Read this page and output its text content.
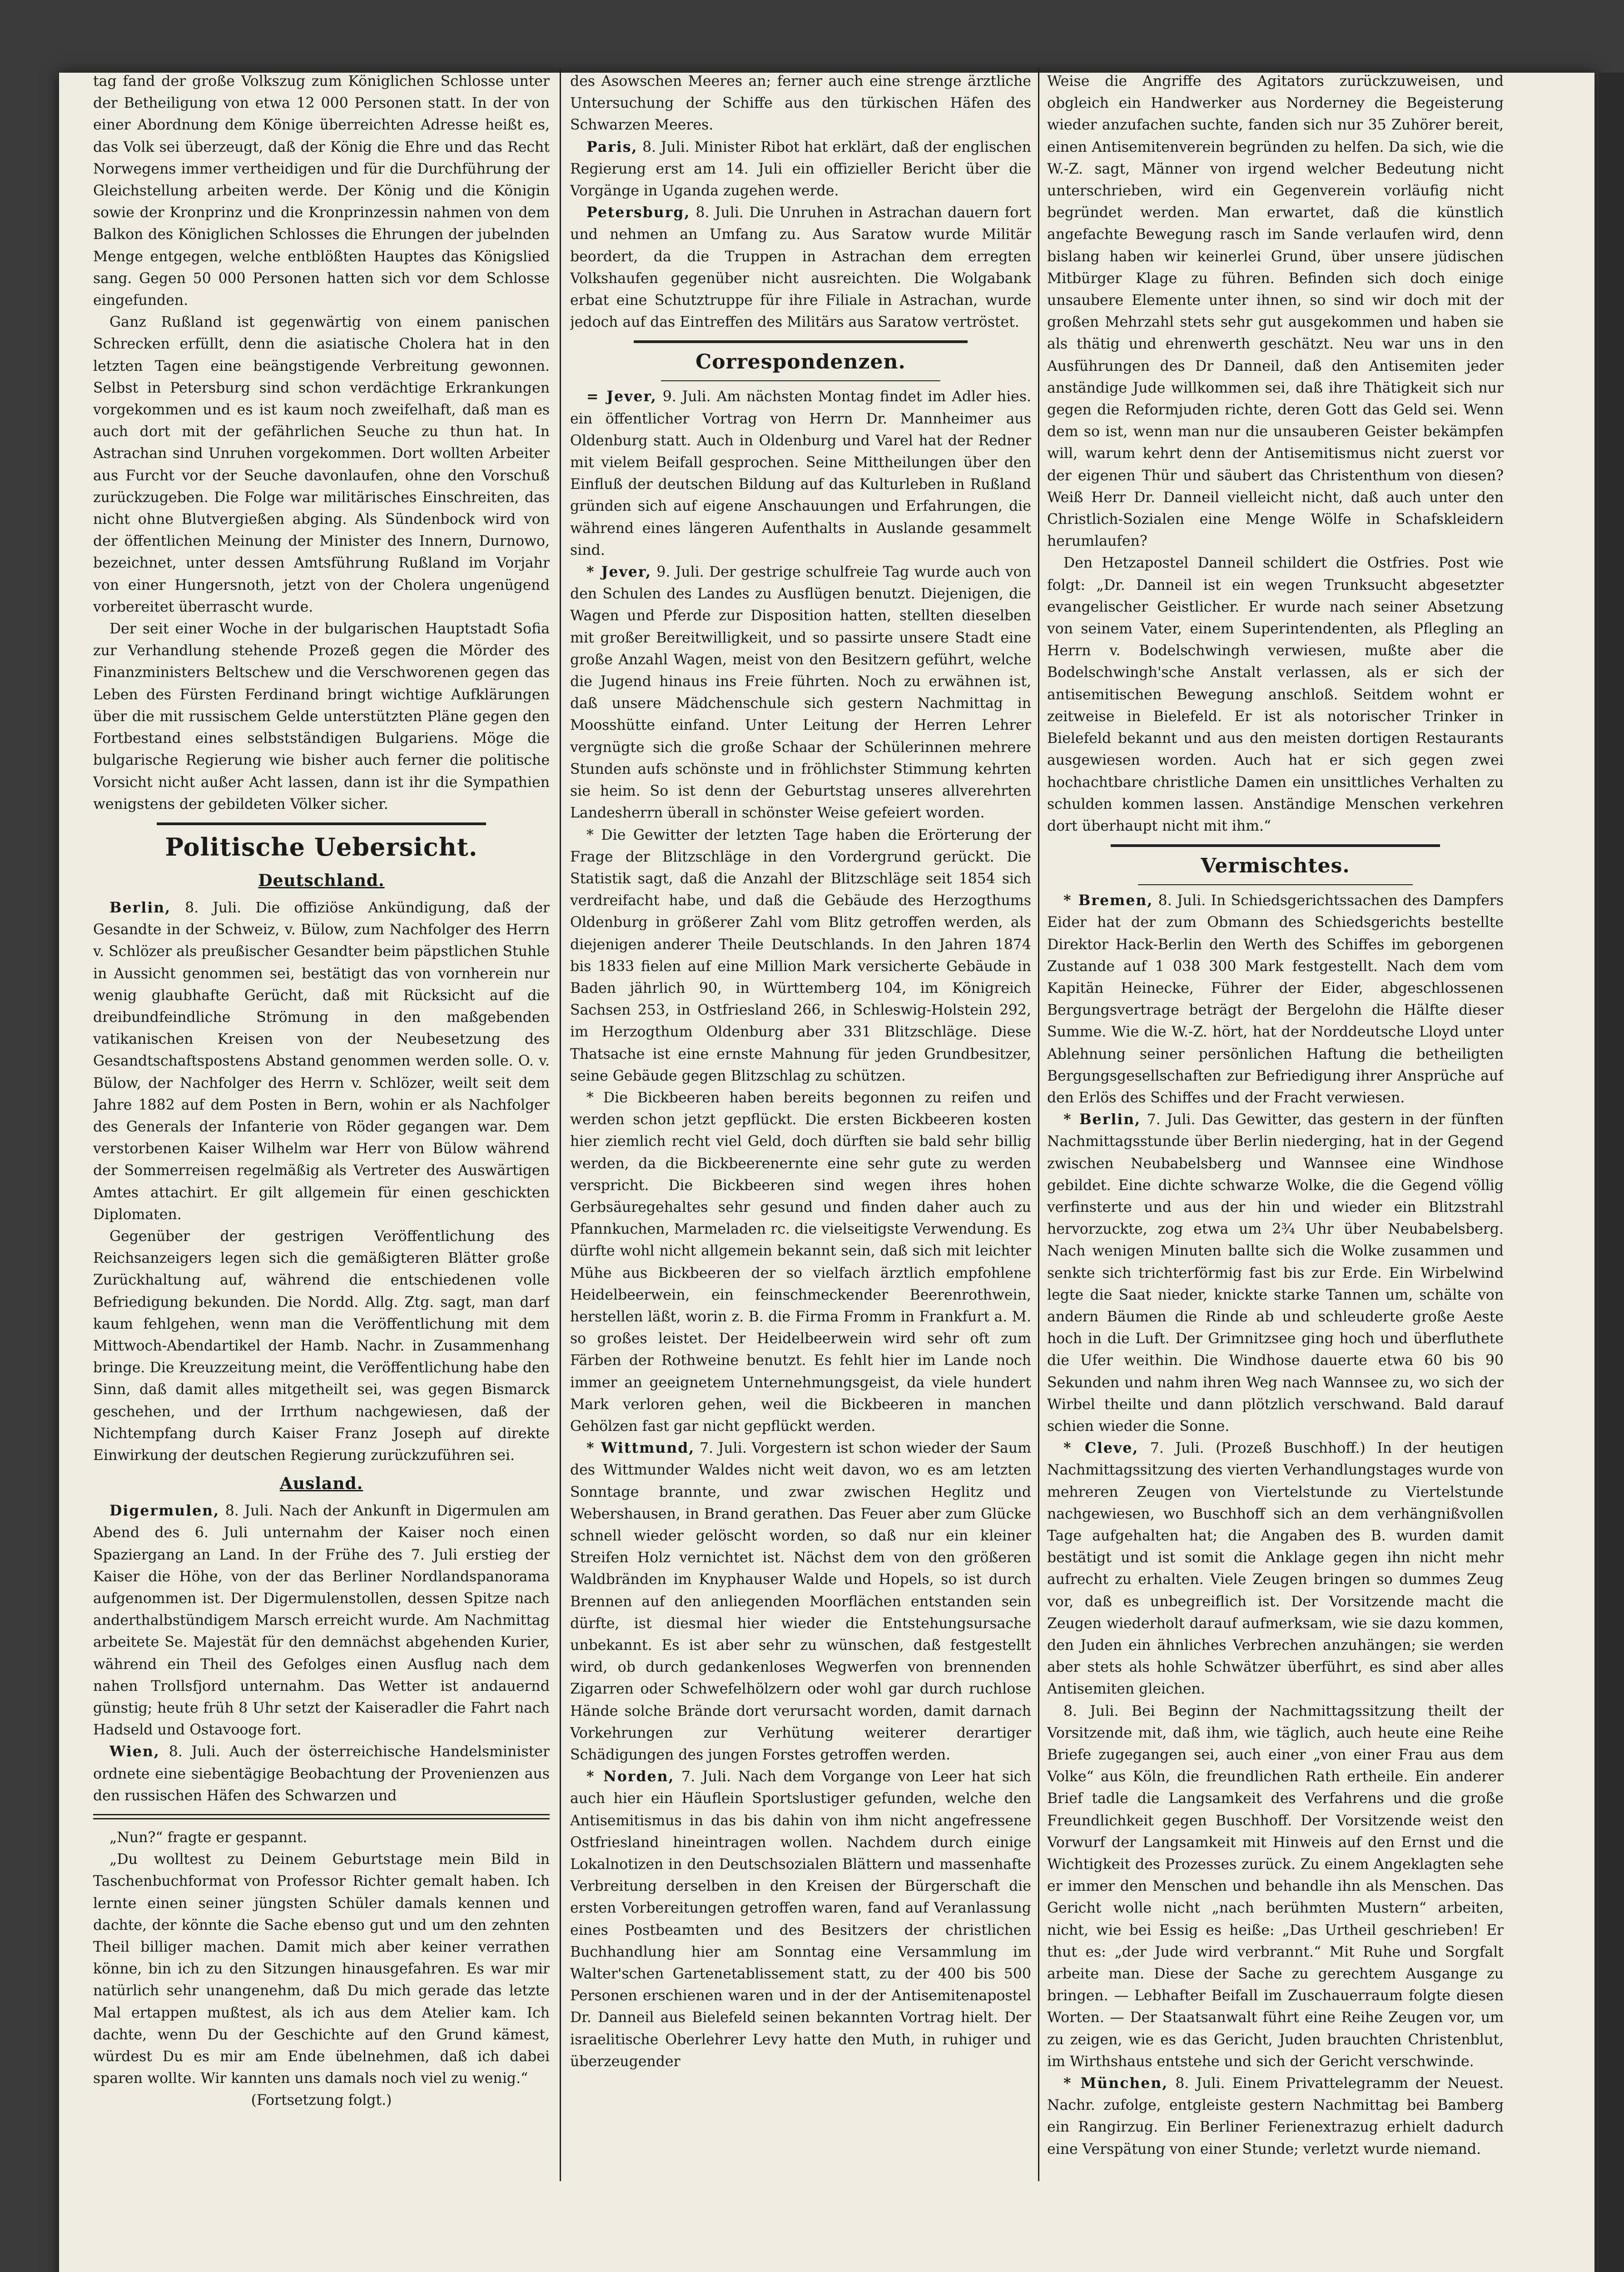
tag fand der große Volkszug zum Königlichen Schlosse unter der Betheiligung von etwa 12 000 Personen statt. In der von einer Abordnung dem Könige überreichten Adresse heißt es, das Volk sei überzeugt, daß der König die Ehre und das Recht Norwegens immer vertheidigen und für die Durchführung der Gleichstellung arbeiten werde. Der König und die Königin sowie der Kronprinz und die Kronprinzessin nahmen von dem Balkon des Königlichen Schlosses die Ehrungen der jubelnden Menge entgegen, welche entblößten Hauptes das Königslied sang. Gegen 50 000 Personen hatten sich vor dem Schlosse eingefunden.

Ganz Rußland ist gegenwärtig von einem panischen Schrecken erfüllt, denn die asiatische Cholera hat in den letzten Tagen eine beängstigende Verbreitung gewonnen. Selbst in Petersburg sind schon verdächtige Erkrankungen vorgekommen und es ist kaum noch zweifelhaft, daß man es auch dort mit der gefährlichen Seuche zu thun hat. In Astrachan sind Unruhen vorgekommen. Dort wollten Arbeiter aus Furcht vor der Seuche davonlaufen, ohne den Vorschuß zurückzugeben. Die Folge war militärisches Einschreiten, das nicht ohne Blutvergießen abging. Als Sündenbock wird von der öffentlichen Meinung der Minister des Innern, Durnowo, bezeichnet, unter dessen Amtsführung Rußland im Vorjahr von einer Hungersnoth, jetzt von der Cholera ungenügend vorbereitet überrascht wurde.

Der seit einer Woche in der bulgarischen Hauptstadt Sofia zur Verhandlung stehende Prozeß gegen die Mörder des Finanzministers Beltschew und die Verschworenen gegen das Leben des Fürsten Ferdinand bringt wichtige Aufklärungen über die mit russischem Gelde unterstützten Pläne gegen den Fortbestand eines selbstständigen Bulgariens. Möge die bulgarische Regierung wie bisher auch ferner die politische Vorsicht nicht außer Acht lassen, dann ist ihr die Sympathien wenigstens der gebildeten Völker sicher.

Politische Uebersicht.
Deutschland.

Berlin, 8. Juli. Die offiziöse Ankündigung, daß der Gesandte in der Schweiz, v. Bülow, zum Nachfolger des Herrn v. Schlözer als preußischer Gesandter beim päpstlichen Stuhle in Aussicht genommen sei, bestätigt das von vornherein nur wenig glaubhafte Gerücht, daß mit Rücksicht auf die dreibundfeindliche Strömung in den maßgebenden vatikanischen Kreisen von der Neubesetzung des Gesandtschaftspostens Abstand genommen werden solle. O. v. Bülow, der Nachfolger des Herrn v. Schlözer, weilt seit dem Jahre 1882 auf dem Posten in Bern, wohin er als Nachfolger des Generals der Infanterie von Röder gegangen war. Dem verstorbenen Kaiser Wilhelm war Herr von Bülow während der Sommerreisen regelmäßig als Vertreter des Auswärtigen Amtes attachirt. Er gilt allgemein für einen geschickten Diplomaten.

Gegenüber der gestrigen Veröffentlichung des Reichsanzeigers legen sich die gemäßigteren Blätter große Zurückhaltung auf, während die entschiedenen volle Befriedigung bekunden. Die Nordd. Allg. Ztg. sagt, man darf kaum fehlgehen, wenn man die Veröffentlichung mit dem Mittwoch-Abendartikel der Hamb. Nachr. in Zusammenhang bringe. Die Kreuzzeitung meint, die Veröffentlichung habe den Sinn, daß damit alles mitgetheilt sei, was gegen Bismarck geschehen, und der Irrthum nachgewiesen, daß der Nichtempfang durch Kaiser Franz Joseph auf direkte Einwirkung der deutschen Regierung zurückzuführen sei.

Ausland.

Digermulen, 8. Juli. Nach der Ankunft in Digermulen am Abend des 6. Juli unternahm der Kaiser noch einen Spaziergang an Land. In der Frühe des 7. Juli erstieg der Kaiser die Höhe, von der das Berliner Nordlandspanorama aufgenommen ist. Der Digermulenstollen, dessen Spitze nach anderthalbstündigem Marsch erreicht wurde. Am Nachmittag arbeitete Se. Majestät für den demnächst abgehenden Kurier, während ein Theil des Gefolges einen Ausflug nach dem nahen Trollsfjord unternahm. Das Wetter ist andauernd günstig; heute früh 8 Uhr setzt der Kaiseradler die Fahrt nach Hadseld und Ostavooge fort.

Wien, 8. Juli. Auch der österreichische Handelsminister ordnete eine siebentägige Beobachtung der Provenienzen aus den russischen Häfen des Schwarzen und

„Nun?“ fragte er gespannt.

„Du wolltest zu Deinem Geburtstage mein Bild in Taschenbuchformat von Professor Richter gemalt haben. Ich lernte einen seiner jüngsten Schüler damals kennen und dachte, der könnte die Sache ebenso gut und um den zehnten Theil billiger machen. Damit mich aber keiner verrathen könne, bin ich zu den Sitzungen hinausgefahren. Es war mir natürlich sehr unangenehm, daß Du mich gerade das letzte Mal ertappen mußtest, als ich aus dem Atelier kam. Ich dachte, wenn Du der Geschichte auf den Grund kämest, würdest Du es mir am Ende übelnehmen, daß ich dabei sparen wollte. Wir kannten uns damals noch viel zu wenig.“

(Fortsetzung folgt.)

des Asowschen Meeres an; ferner auch eine strenge ärztliche Untersuchung der Schiffe aus den türkischen Häfen des Schwarzen Meeres.

Paris, 8. Juli. Minister Ribot hat erklärt, daß der englischen Regierung erst am 14. Juli ein offizieller Bericht über die Vorgänge in Uganda zugehen werde.

Petersburg, 8. Juli. Die Unruhen in Astrachan dauern fort und nehmen an Umfang zu. Aus Saratow wurde Militär beordert, da die Truppen in Astrachan dem erregten Volkshaufen gegenüber nicht ausreichten. Die Wolgabank erbat eine Schutztruppe für ihre Filiale in Astrachan, wurde jedoch auf das Eintreffen des Militärs aus Saratow vertröstet.

Correspondenzen.

= Jever, 9. Juli. Am nächsten Montag findet im Adler hies. ein öffentlicher Vortrag von Herrn Dr. Mannheimer aus Oldenburg statt. Auch in Oldenburg und Varel hat der Redner mit vielem Beifall gesprochen. Seine Mittheilungen über den Einfluß der deutschen Bildung auf das Kulturleben in Rußland gründen sich auf eigene Anschauungen und Erfahrungen, die während eines längeren Aufenthalts in Auslande gesammelt sind.

* Jever, 9. Juli. Der gestrige schulfreie Tag wurde auch von den Schulen des Landes zu Ausflügen benutzt. Diejenigen, die Wagen und Pferde zur Disposition hatten, stellten dieselben mit großer Bereitwilligkeit, und so passirte unsere Stadt eine große Anzahl Wagen, meist von den Besitzern geführt, welche die Jugend hinaus ins Freie führten. Noch zu erwähnen ist, daß unsere Mädchenschule sich gestern Nachmittag in Moosshütte einfand. Unter Leitung der Herren Lehrer vergnügte sich die große Schaar der Schülerinnen mehrere Stunden aufs schönste und in fröhlichster Stimmung kehrten sie heim. So ist denn der Geburtstag unseres allverehrten Landesherrn überall in schönster Weise gefeiert worden.

* Die Gewitter der letzten Tage haben die Erörterung der Frage der Blitzschläge in den Vordergrund gerückt. Die Statistik sagt, daß die Anzahl der Blitzschläge seit 1854 sich verdreifacht habe, und daß die Gebäude des Herzogthums Oldenburg in größerer Zahl vom Blitz getroffen werden, als diejenigen anderer Theile Deutschlands. In den Jahren 1874 bis 1833 fielen auf eine Million Mark versicherte Gebäude in Baden jährlich 90, in Württemberg 104, im Königreich Sachsen 253, in Ostfriesland 266, in Schleswig-Holstein 292, im Herzogthum Oldenburg aber 331 Blitzschläge. Diese Thatsache ist eine ernste Mahnung für jeden Grundbesitzer, seine Gebäude gegen Blitzschlag zu schützen.

* Die Bickbeeren haben bereits begonnen zu reifen und werden schon jetzt gepflückt. Die ersten Bickbeeren kosten hier ziemlich recht viel Geld, doch dürften sie bald sehr billig werden, da die Bickbeerenernte eine sehr gute zu werden verspricht. Die Bickbeeren sind wegen ihres hohen Gerbsäuregehaltes sehr gesund und finden daher auch zu Pfannkuchen, Marmeladen rc. die vielseitigste Verwendung. Es dürfte wohl nicht allgemein bekannt sein, daß sich mit leichter Mühe aus Bickbeeren der so vielfach ärztlich empfohlene Heidelbeerwein, ein feinschmeckender Beerenrothwein, herstellen läßt, worin z. B. die Firma Fromm in Frankfurt a. M. so großes leistet. Der Heidelbeerwein wird sehr oft zum Färben der Rothweine benutzt. Es fehlt hier im Lande noch immer an geeignetem Unternehmungsgeist, da viele hundert Mark verloren gehen, weil die Bickbeeren in manchen Gehölzen fast gar nicht gepflückt werden.

* Wittmund, 7. Juli. Vorgestern ist schon wieder der Saum des Wittmunder Waldes nicht weit davon, wo es am letzten Sonntage brannte, und zwar zwischen Heglitz und Webershausen, in Brand gerathen. Das Feuer aber zum Glücke schnell wieder gelöscht worden, so daß nur ein kleiner Streifen Holz vernichtet ist. Nächst dem von den größeren Waldbränden im Knyphauser Walde und Hopels, so ist durch Brennen auf den anliegenden Moorflächen entstanden sein dürfte, ist diesmal hier wieder die Entstehungsursache unbekannt. Es ist aber sehr zu wünschen, daß festgestellt wird, ob durch gedankenloses Wegwerfen von brennenden Zigarren oder Schwefelhölzern oder wohl gar durch ruchlose Hände solche Brände dort verursacht worden, damit darnach Vorkehrungen zur Verhütung weiterer derartiger Schädigungen des jungen Forstes getroffen werden.

* Norden, 7. Juli. Nach dem Vorgange von Leer hat sich auch hier ein Häuflein Sportslustiger gefunden, welche den Antisemitismus in das bis dahin von ihm nicht angefressene Ostfriesland hineintragen wollen. Nachdem durch einige Lokalnotizen in den Deutschsozialen Blättern und massenhafte Verbreitung derselben in den Kreisen der Bürgerschaft die ersten Vorbereitungen getroffen waren, fand auf Veranlassung eines Postbeamten und des Besitzers der christlichen Buchhandlung hier am Sonntag eine Versammlung im Walter'schen Gartenetablissement statt, zu der 400 bis 500 Personen erschienen waren und in der der Antisemitenapostel Dr. Danneil aus Bielefeld seinen bekannten Vortrag hielt. Der israelitische Oberlehrer Levy hatte den Muth, in ruhiger und überzeugender

Weise die Angriffe des Agitators zurückzuweisen, und obgleich ein Handwerker aus Norderney die Begeisterung wieder anzufachen suchte, fanden sich nur 35 Zuhörer bereit, einen Antisemitenverein begründen zu helfen. Da sich, wie die W.-Z. sagt, Männer von irgend welcher Bedeutung nicht unterschrieben, wird ein Gegenverein vorläufig nicht begründet werden. Man erwartet, daß die künstlich angefachte Bewegung rasch im Sande verlaufen wird, denn bislang haben wir keinerlei Grund, über unsere jüdischen Mitbürger Klage zu führen. Befinden sich doch einige unsaubere Elemente unter ihnen, so sind wir doch mit der großen Mehrzahl stets sehr gut ausgekommen und haben sie als thätig und ehrenwerth geschätzt. Neu war uns in den Ausführungen des Dr Danneil, daß den Antisemiten jeder anständige Jude willkommen sei, daß ihre Thätigkeit sich nur gegen die Reformjuden richte, deren Gott das Geld sei. Wenn dem so ist, wenn man nur die unsauberen Geister bekämpfen will, warum kehrt denn der Antisemitismus nicht zuerst vor der eigenen Thür und säubert das Christenthum von diesen? Weiß Herr Dr. Danneil vielleicht nicht, daß auch unter den Christlich-Sozialen eine Menge Wölfe in Schafskleidern herumlaufen?

Den Hetzapostel Danneil schildert die Ostfries. Post wie folgt: „Dr. Danneil ist ein wegen Trunksucht abgesetzter evangelischer Geistlicher. Er wurde nach seiner Absetzung von seinem Vater, einem Superintendenten, als Pflegling an Herrn v. Bodelschwingh verwiesen, mußte aber die Bodelschwingh'sche Anstalt verlassen, als er sich der antisemitischen Bewegung anschloß. Seitdem wohnt er zeitweise in Bielefeld. Er ist als notorischer Trinker in Bielefeld bekannt und aus den meisten dortigen Restaurants ausgewiesen worden. Auch hat er sich gegen zwei hochachtbare christliche Damen ein unsittliches Verhalten zu schulden kommen lassen. Anständige Menschen verkehren dort überhaupt nicht mit ihm.“

Vermischtes.

* Bremen, 8. Juli. In Schiedsgerichtssachen des Dampfers Eider hat der zum Obmann des Schiedsgerichts bestellte Direktor Hack-Berlin den Werth des Schiffes im geborgenen Zustande auf 1 038 300 Mark festgestellt. Nach dem vom Kapitän Heinecke, Führer der Eider, abgeschlossenen Bergungsvertrage beträgt der Bergelohn die Hälfte dieser Summe. Wie die W.-Z. hört, hat der Norddeutsche Lloyd unter Ablehnung seiner persönlichen Haftung die betheiligten Bergungsgesellschaften zur Befriedigung ihrer Ansprüche auf den Erlös des Schiffes und der Fracht verwiesen.

* Berlin, 7. Juli. Das Gewitter, das gestern in der fünften Nachmittagsstunde über Berlin niederging, hat in der Gegend zwischen Neubabelsberg und Wannsee eine Windhose gebildet. Eine dichte schwarze Wolke, die die Gegend völlig verfinsterte und aus der hin und wieder ein Blitzstrahl hervorzuckte, zog etwa um 2¾ Uhr über Neubabelsberg. Nach wenigen Minuten ballte sich die Wolke zusammen und senkte sich trichterförmig fast bis zur Erde. Ein Wirbelwind legte die Saat nieder, knickte starke Tannen um, schälte von andern Bäumen die Rinde ab und schleuderte große Aeste hoch in die Luft. Der Grimnitzsee ging hoch und überfluthete die Ufer weithin. Die Windhose dauerte etwa 60 bis 90 Sekunden und nahm ihren Weg nach Wannsee zu, wo sich der Wirbel theilte und dann plötzlich verschwand. Bald darauf schien wieder die Sonne.

* Cleve, 7. Juli. (Prozeß Buschhoff.) In der heutigen Nachmittagssitzung des vierten Verhandlungstages wurde von mehreren Zeugen von Viertelstunde zu Viertelstunde nachgewiesen, wo Buschhoff sich an dem verhängnißvollen Tage aufgehalten hat; die Angaben des B. wurden damit bestätigt und ist somit die Anklage gegen ihn nicht mehr aufrecht zu erhalten. Viele Zeugen bringen so dummes Zeug vor, daß es unbegreiflich ist. Der Vorsitzende macht die Zeugen wiederholt darauf aufmerksam, wie sie dazu kommen, den Juden ein ähnliches Verbrechen anzuhängen; sie werden aber stets als hohle Schwätzer überführt, es sind aber alles Antisemiten gleichen.

8. Juli. Bei Beginn der Nachmittagssitzung theilt der Vorsitzende mit, daß ihm, wie täglich, auch heute eine Reihe Briefe zugegangen sei, auch einer „von einer Frau aus dem Volke“ aus Köln, die freundlichen Rath ertheile. Ein anderer Brief tadle die Langsamkeit des Verfahrens und die große Freundlichkeit gegen Buschhoff. Der Vorsitzende weist den Vorwurf der Langsamkeit mit Hinweis auf den Ernst und die Wichtigkeit des Prozesses zurück. Zu einem Angeklagten sehe er immer den Menschen und behandle ihn als Menschen. Das Gericht wolle nicht „nach berühmten Mustern“ arbeiten, nicht, wie bei Essig es heiße: „Das Urtheil geschrieben! Er thut es: „der Jude wird verbrannt.“ Mit Ruhe und Sorgfalt arbeite man. Diese der Sache zu gerechtem Ausgange zu bringen. — Lebhafter Beifall im Zuschauerraum folgte diesen Worten. — Der Staatsanwalt führt eine Reihe Zeugen vor, um zu zeigen, wie es das Gericht, Juden brauchten Christenblut, im Wirthshaus entstehe und sich der Gericht verschwinde.

* München, 8. Juli. Einem Privattelegramm der Neuest. Nachr. zufolge, entgleiste gestern Nachmittag bei Bamberg ein Rangirzug. Ein Berliner Ferienextrazug erhielt dadurch eine Verspätung von einer Stunde; verletzt wurde niemand.
